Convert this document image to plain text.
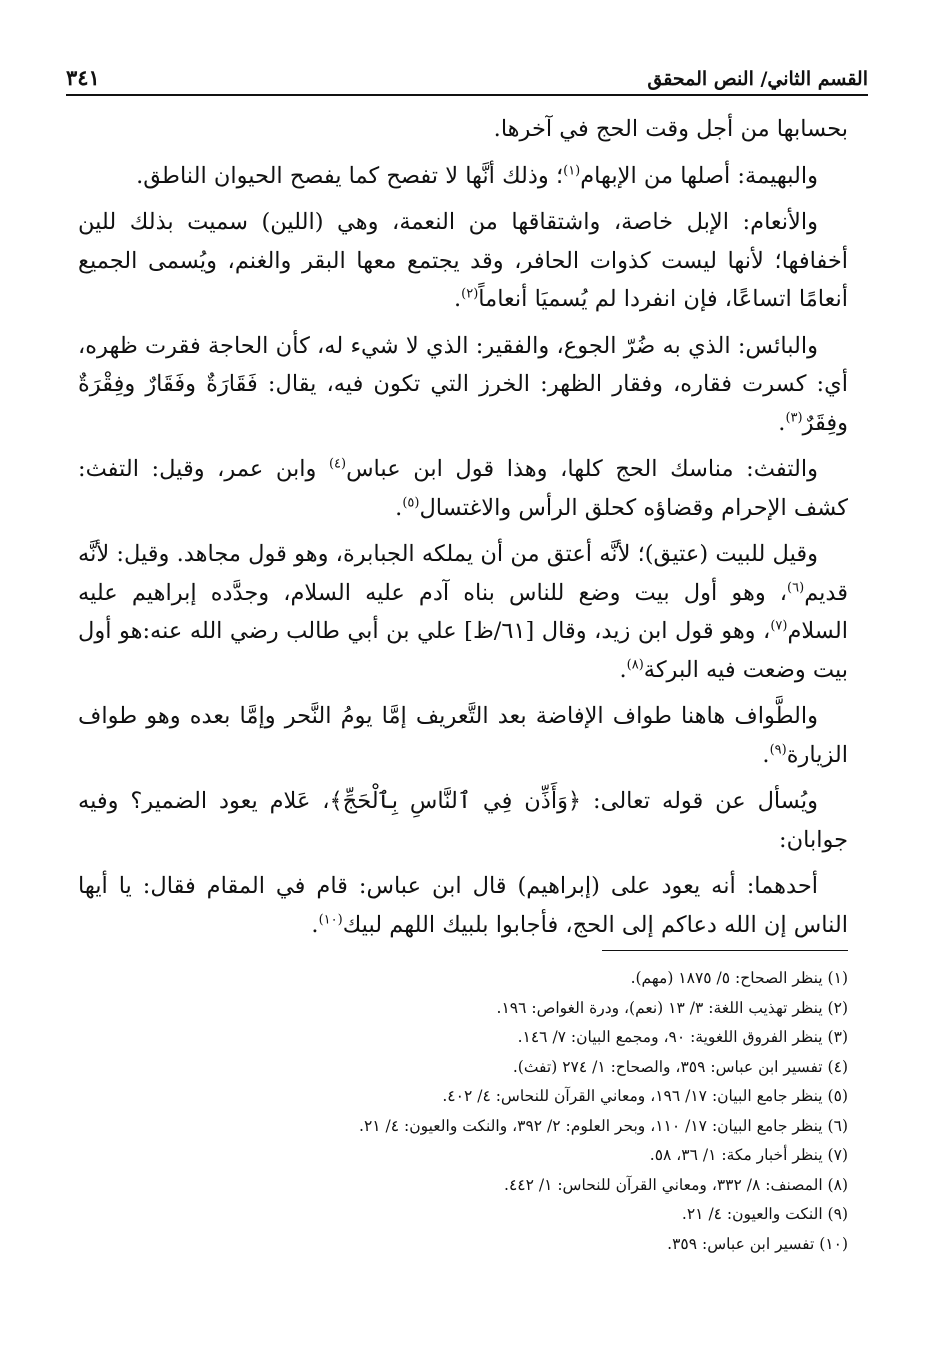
القسم الثاني/ النص المحقق
٣٤١

بحسابها من أجل وقت الحج في آخرها.

والبهيمة: أصلها من الإبهام$^{(١)}$؛ وذلك أنَّها لا تفصح كما يفصح الحيوان الناطق.

والأنعام: الإبل خاصة، واشتقاقها من النعمة، وهي (اللين) سميت بذلك للين أخفافها؛ لأنها ليست كذوات الحافر، وقد يجتمع معها البقر والغنم، ويُسمى الجميع أنعامًا اتساعًا، فإن انفردا لم يُسميَا أنعاماً$^{(٢)}$.

والبائس: الذي به ضُرّ الجوع، والفقير: الذي لا شيء له، كأن الحاجة فقرت ظهره، أي: كسرت فقاره، وفقار الظهر: الخرز التي تكون فيه، يقال: فَقَارَةٌ وفَقَارٌ وفِقْرَةٌ وفِقَرٌ$^{(٣)}$.

والتفث: مناسك الحج كلها، وهذا قول ابن عباس$^{(٤)}$ وابن عمر، وقيل: التفث: كشف الإحرام وقضاؤه كحلق الرأس والاغتسال$^{(٥)}$.

وقيل للبيت (عتيق)؛ لأنَّه أعتق من أن يملكه الجبابرة، وهو قول مجاهد. وقيل: لأنَّه قديم$^{(٦)}$، وهو أول بيت وضع للناس بناه آدم عليه السلام، وجدَّده إبراهيم عليه السلام$^{(٧)}$، وهو قول ابن زيد، وقال [٦١/ظ] علي بن أبي طالب رضي الله عنه:هو أول بيت وضعت فيه البركة$^{(٨)}$.

والطَّواف هاهنا طواف الإفاضة بعد التَّعريف إمَّا يومُ النَّحر وإمَّا بعده وهو طواف الزيارة$^{(٩)}$.

ويُسأل عن قوله تعالى: ﴿وَأَذِّن فِي ٱلنَّاسِ بِٱلْحَجِّ﴾، عَلام يعود الضمير؟ وفيه جوابان:

أحدهما: أنه يعود على (إبراهيم) قال ابن عباس: قام في المقام فقال: يا أيها الناس إن الله دعاكم إلى الحج، فأجابوا بلبيك اللهم لبيك$^{(١٠)}$.

(١) ينظر الصحاح: ٥/ ١٨٧٥ (مهم).
(٢) ينظر تهذيب اللغة: ٣/ ١٣ (نعم)، ودرة الغواص: ١٩٦.
(٣) ينظر الفروق اللغوية: ٩٠، ومجمع البيان: ٧/ ١٤٦.
(٤) تفسير ابن عباس: ٣٥٩، والصحاح: ١/ ٢٧٤ (تفث).
(٥) ينظر جامع البيان: ١٧/ ١٩٦، ومعاني القرآن للنحاس: ٤/ ٤٠٢.
(٦) ينظر جامع البيان: ١٧/ ١١٠، وبحر العلوم: ٢/ ٣٩٢، والنكت والعيون: ٤/ ٢١.
(٧) ينظر أخبار مكة: ١/ ٣٦، ٥٨.
(٨) المصنف: ٨/ ٣٣٢، ومعاني القرآن للنحاس: ١/ ٤٤٢.
(٩) النكت والعيون: ٤/ ٢١.
(١٠) تفسير ابن عباس: ٣٥٩.
